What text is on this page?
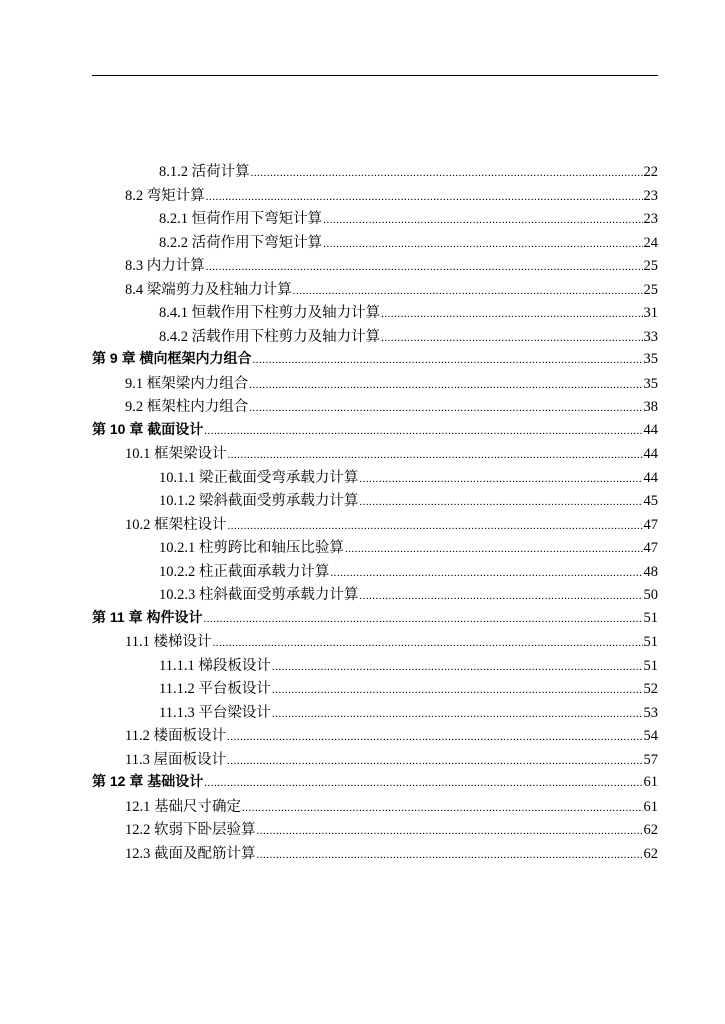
8.1.2 活荷计算 .....	22
8.2 弯矩计算 .....	23
8.2.1 恒荷作用下弯矩计算 .....	23
8.2.2 活荷作用下弯矩计算 .....	24
8.3 内力计算 .....	25
8.4 梁端剪力及柱轴力计算 .....	25
8.4.1 恒载作用下柱剪力及轴力计算 .....	31
8.4.2 活载作用下柱剪力及轴力计算 .....	33
第 9 章 横向框架内力组合 .....	35
9.1 框架梁内力组合 .....	35
9.2 框架柱内力组合 .....	38
第 10 章 截面设计 .....	44
10.1 框架梁设计 .....	44
10.1.1 梁正截面受弯承载力计算 .....	44
10.1.2 梁斜截面受剪承载力计算 .....	45
10.2 框架柱设计 .....	47
10.2.1 柱剪跨比和轴压比验算 .....	47
10.2.2 柱正截面承载力计算 .....	48
10.2.3 柱斜截面受剪承载力计算 .....	50
第 11 章 构件设计 .....	51
11.1 楼梯设计 .....	51
11.1.1 梯段板设计 .....	51
11.1.2 平台板设计 .....	52
11.1.3 平台梁设计 .....	53
11.2 楼面板设计 .....	54
11.3 屋面板设计 .....	57
第 12 章 基础设计 .....	61
12.1 基础尺寸确定 .....	61
12.2 软弱下卧层验算 .....	62
12.3 截面及配筋计算 .....	62
